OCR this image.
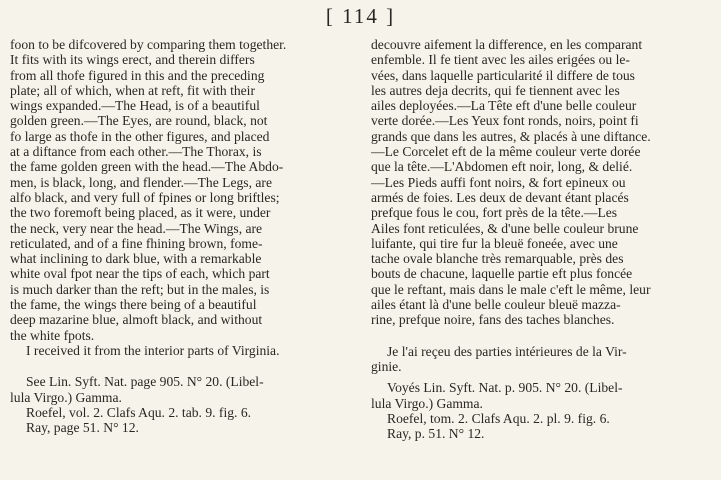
[ 114 ]
foon to be difcovered by comparing them together.
It fits with its wings erect, and therein differs
from all thofe figured in this and the preceding
plate; all of which, when at reft, fit with their
wings expanded.—The Head, is of a beautiful
golden green.—The Eyes, are round, black, not
fo large as thofe in the other figures, and placed
at a diftance from each other.—The Thorax, is
the fame golden green with the head.—The Abdo-
men, is black, long, and flender.—The Legs, are
alfo black, and very full of fpines or long briftles;
the two foremoft being placed, as it were, under
the neck, very near the head.—The Wings, are
reticulated, and of a fine fhining brown, fome-
what inclining to dark blue, with a remarkable
white oval fpot near the tips of each, which part
is much darker than the reft; but in the males, is
the fame, the wings there being of a beautiful
deep mazarine blue, almoft black, and without
the white fpots.
I received it from the interior parts of Virginia.
See Lin. Syft. Nat. page 905. N° 20. (Libel-
lula Virgo.) Gamma.
Roefel, vol. 2. Clafs Aqu. 2. tab. 9. fig. 6.
Ray, page 51. N° 12.
decouvre aifement la difference, en les comparant
enfemble. Il fe tient avec les ailes erigées ou le-
vées, dans laquelle particularité il differe de tous
les autres deja decrits, qui fe tiennent avec les
ailes deployées.—La Tête eft d'une belle couleur
verte dorée.—Les Yeux font ronds, noirs, point fi
grands que dans les autres, & placés à une diftance.
—Le Corcelet eft de la même couleur verte dorée
que la tête.—L'Abdomen eft noir, long, & delié.
—Les Pieds auffi font noirs, & fort epineux ou
armés de foies. Les deux de devant étant placés
prefque fous le cou, fort près de la tête.—Les
Ailes font reticulées, & d'une belle couleur brune
luifante, qui tire fur la bleuë foneée, avec une
tache ovale blanche très remarquable, près des
bouts de chacune, laquelle partie eft plus foncée
que le reftant, mais dans le male c'eft le même, leur
ailes étant là d'une belle couleur bleuë mazza-
rine, prefque noire, fans des taches blanches.
Je l'ai reçeu des parties intérieures de la Vir-
ginie.
Voyés Lin. Syft. Nat. p. 905. N° 20. (Libel-
lula Virgo.) Gamma.
Roefel, tom. 2. Clafs Aqu. 2. pl. 9. fig. 6.
Ray, p. 51. N° 12.
